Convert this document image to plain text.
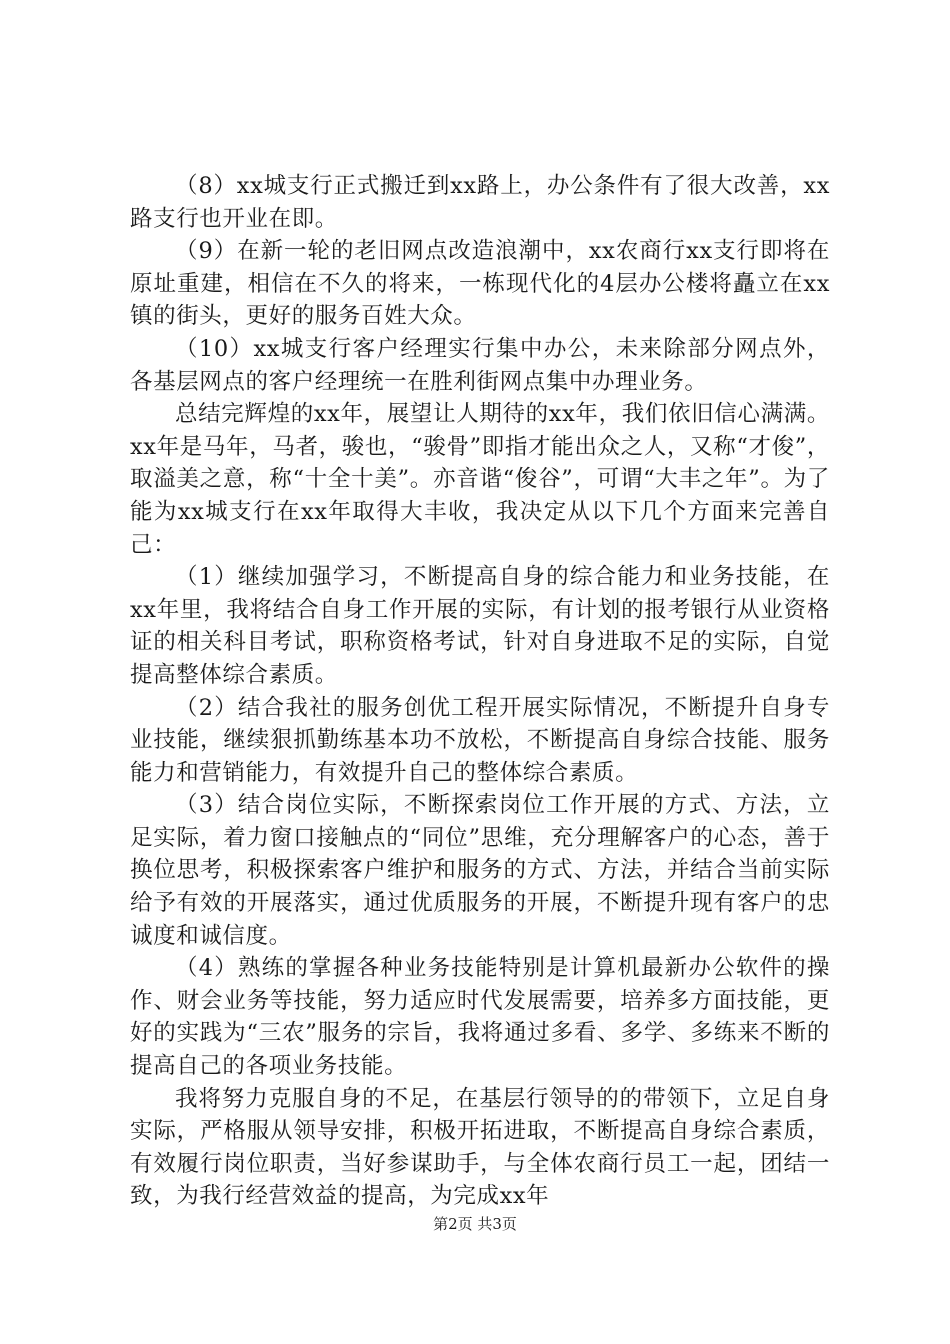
（8）xx城支行正式搬迁到xx路上，办公条件有了很大改善，xx路支行也开业在即。

（9）在新一轮的老旧网点改造浪潮中，xx农商行xx支行即将在原址重建，相信在不久的将来，一栋现代化的4层办公楼将矗立在xx镇的街头，更好的服务百姓大众。

（10）xx城支行客户经理实行集中办公，未来除部分网点外，各基层网点的客户经理统一在胜利街网点集中办理业务。

总结完辉煌的xx年，展望让人期待的xx年，我们依旧信心满满。xx年是马年，马者，骏也，“骏骨”即指才能出众之人，又称“才俊”，取溢美之意，称“十全十美”。亦音谐“俊谷”，可谓“大丰之年”。为了能为xx城支行在xx年取得大丰收，我决定从以下几个方面来完善自己：

（1）继续加强学习，不断提高自身的综合能力和业务技能，在xx年里，我将结合自身工作开展的实际，有计划的报考银行从业资格证的相关科目考试，职称资格考试，针对自身进取不足的实际，自觉提高整体综合素质。

（2）结合我社的服务创优工程开展实际情况，不断提升自身专业技能，继续狠抓勤练基本功不放松，不断提高自身综合技能、服务能力和营销能力，有效提升自己的整体综合素质。

（3）结合岗位实际，不断探索岗位工作开展的方式、方法，立足实际，着力窗口接触点的“同位”思维，充分理解客户的心态，善于换位思考，积极探索客户维护和服务的方式、方法，并结合当前实际给予有效的开展落实，通过优质服务的开展，不断提升现有客户的忠诚度和诚信度。

（4）熟练的掌握各种业务技能特别是计算机最新办公软件的操作、财会业务等技能，努力适应时代发展需要，培养多方面技能，更好的实践为“三农”服务的宗旨，我将通过多看、多学、多练来不断的提高自己的各项业务技能。

我将努力克服自身的不足，在基层行领导的的带领下，立足自身实际，严格服从领导安排，积极开拓进取，不断提高自身综合素质，有效履行岗位职责，当好参谋助手，与全体农商行员工一起，团结一致，为我行经营效益的提高，为完成xx年

第2页 共3页
